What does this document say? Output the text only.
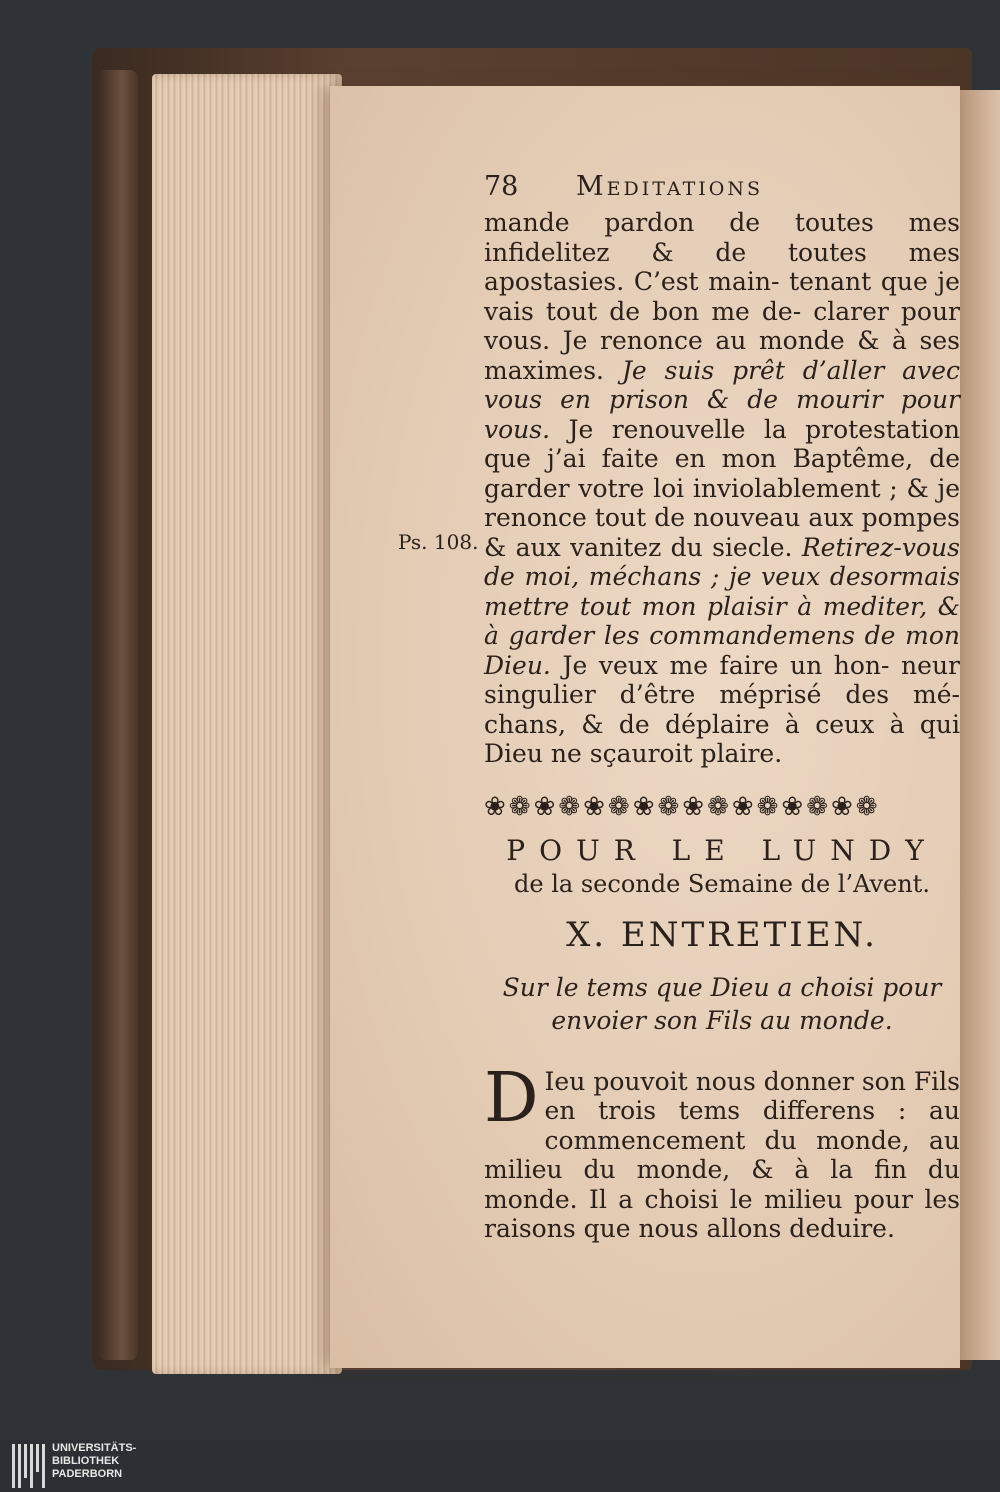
Ps. 108.
78	Meditations

mande pardon de toutes mes infidelitez & de toutes mes apostasies. C’est main- tenant que je vais tout de bon me de- clarer pour vous. Je renonce au monde & à ses maximes. Je suis prêt d’aller avec vous en prison & de mourir pour vous. Je renouvelle la protestation que j’ai faite en mon Baptême, de garder votre loi inviolablement ; & je renonce tout de nouveau aux pompes & aux vanitez du siecle. Retirez-vous de moi, méchans ; je veux desormais mettre tout mon plaisir à mediter, & à garder les commandemens de mon Dieu. Je veux me faire un hon- neur singulier d’être méprisé des mé- chans, & de déplaire à ceux à qui Dieu ne sçauroit plaire.

❀❁❀❁❀❁❀❁❀❁❀❁❀❁❀❁
POUR LE LUNDY
de la seconde Semaine de l’Avent.
X. ENTRETIEN.
Sur le tems que Dieu a choisi pour envoier son Fils au monde.
D Ieu pouvoit nous donner son Fils en trois tems differens : au commencement du monde, au milieu du monde, & à la fin du monde. Il a choisi le milieu pour les raisons que nous allons deduire.
UNIVERSITÄTS-
BIBLIOTHEK
PADERBORN
